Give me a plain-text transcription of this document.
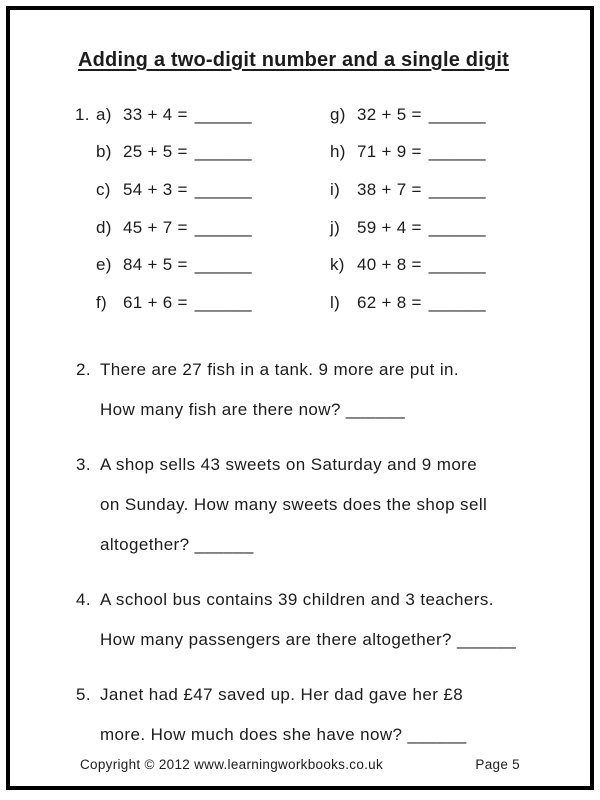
Adding a two-digit number and a single digit
1. a) 33 + 4 = ______	g) 32 + 5 = ______
b) 25 + 5 = ______	h) 71 + 9 = ______
c) 54 + 3 = ______	i) 38 + 7 = ______
d) 45 + 7 = ______	j) 59 + 4 = ______
e) 84 + 5 = ______	k) 40 + 8 = ______
f) 61 + 6 = ______	l) 62 + 8 = ______
2. There are 27 fish in a tank. 9 more are put in.
How many fish are there now? ______
3. A shop sells 43 sweets on Saturday and 9 more
on Sunday. How many sweets does the shop sell
altogether? ______
4. A school bus contains 39 children and 3 teachers.
How many passengers are there altogether? ______
5. Janet had £47 saved up. Her dad gave her £8
more. How much does she have now? ______
Copyright © 2012 www.learningworkbooks.co.uk	Page 5
